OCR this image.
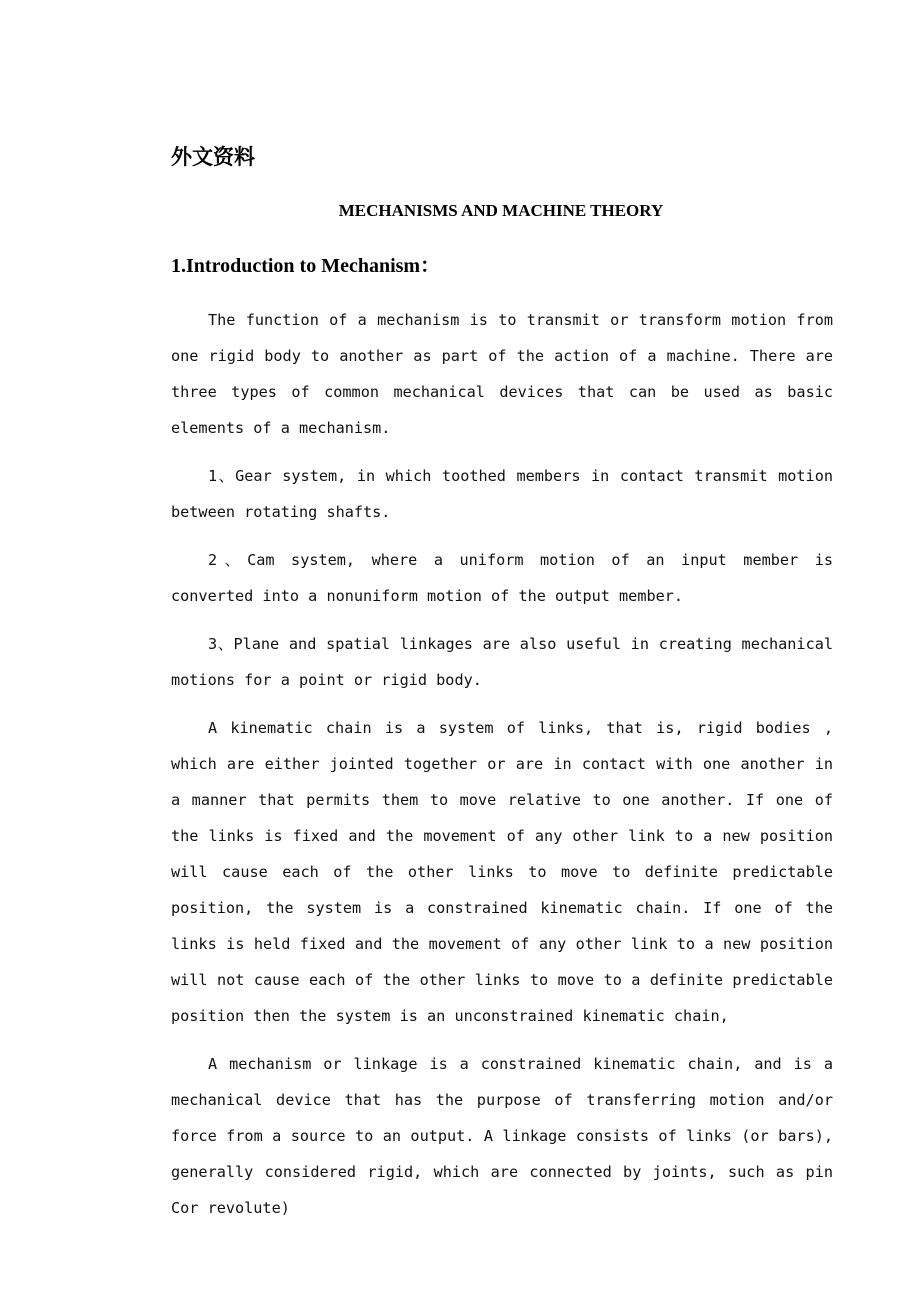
外文资料
MECHANISMS AND MACHINE THEORY
1.Introduction to Mechanism：

The function of a mechanism is to transmit or transform motion from one rigid body to another as part of the action of a machine. There are three types of common mechanical devices that can be used as basic elements of a mechanism.

1、Gear system, in which toothed members in contact transmit motion between rotating shafts.

2、Cam system, where a uniform motion of an input member is converted into a nonuniform motion of the output member.

3、Plane and spatial linkages are also useful in creating mechanical motions for a point or rigid body.

A kinematic chain is a system of links, that is, rigid bodies , which are either jointed together or are in contact with one another in a manner that permits them to move relative to one another. If one of the links is fixed and the movement of any other link to a new position will cause each of the other links to move to definite predictable position, the system is a constrained kinematic chain. If one of the links is held fixed and the movement of any other link to a new position will not cause each of the other links to move to a definite predictable position then the system is an unconstrained kinematic chain,

A mechanism or linkage is a constrained kinematic chain, and is a mechanical device that has the purpose of transferring motion and/or force from a source to an output. A linkage consists of links (or bars), generally considered rigid, which are connected by joints, such as pin Cor revolute)
